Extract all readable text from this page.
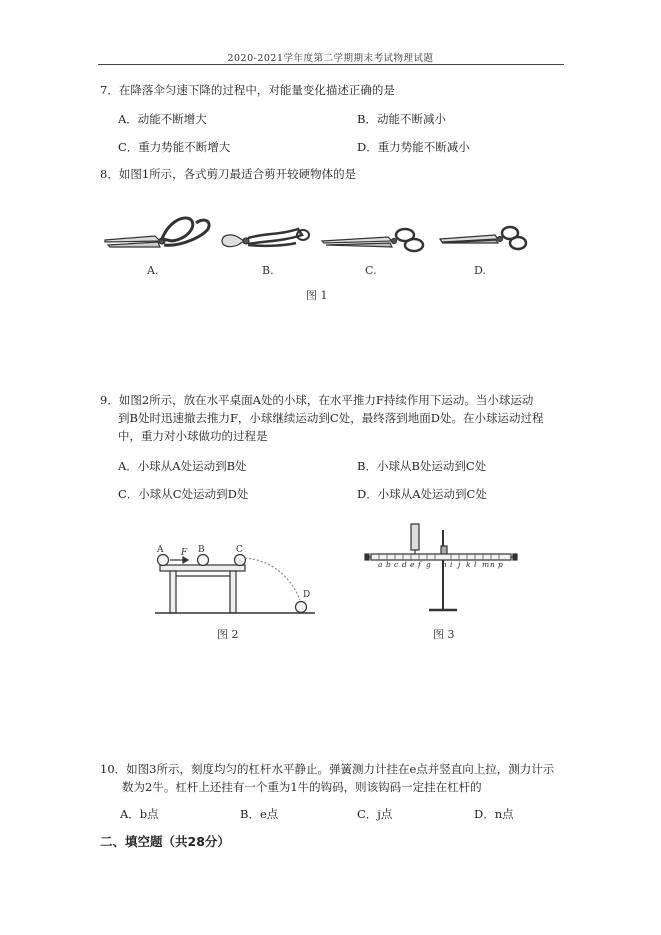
2020-2021学年度第二学期期末考试物理试题
7．在降落伞匀速下降的过程中，对能量变化描述正确的是
A．动能不断增大	B．动能不断减小
C．重力势能不断增大	D．重力势能不断减小
8．如图1所示，各式剪刀最适合剪开较硬物体的是
A.	B.	C.	D.
图 1
9．如图2所示，放在水平桌面A处的小球，在水平推力F持续作用下运动。当小球运动
到B处时迅速撤去推力F，小球继续运动到C处，最终落到地面D处。在小球运动过程
中，重力对小球做功的过程是
A．小球从A处运动到B处	B．小球从B处运动到C处
C．小球从C处运动到D处	D．小球从A处运动到C处
A	B	C
D
F
图 2
a b c d e f g h i j k l m n p
图 3
10．如图3所示，刻度均匀的杠杆水平静止。弹簧测力计挂在e点并竖直向上拉，测力计示
数为2牛。杠杆上还挂有一个重为1牛的钩码，则该钩码一定挂在杠杆的
A．b点	B．e点	C．j点	D．n点
二、填空题（共28分）
